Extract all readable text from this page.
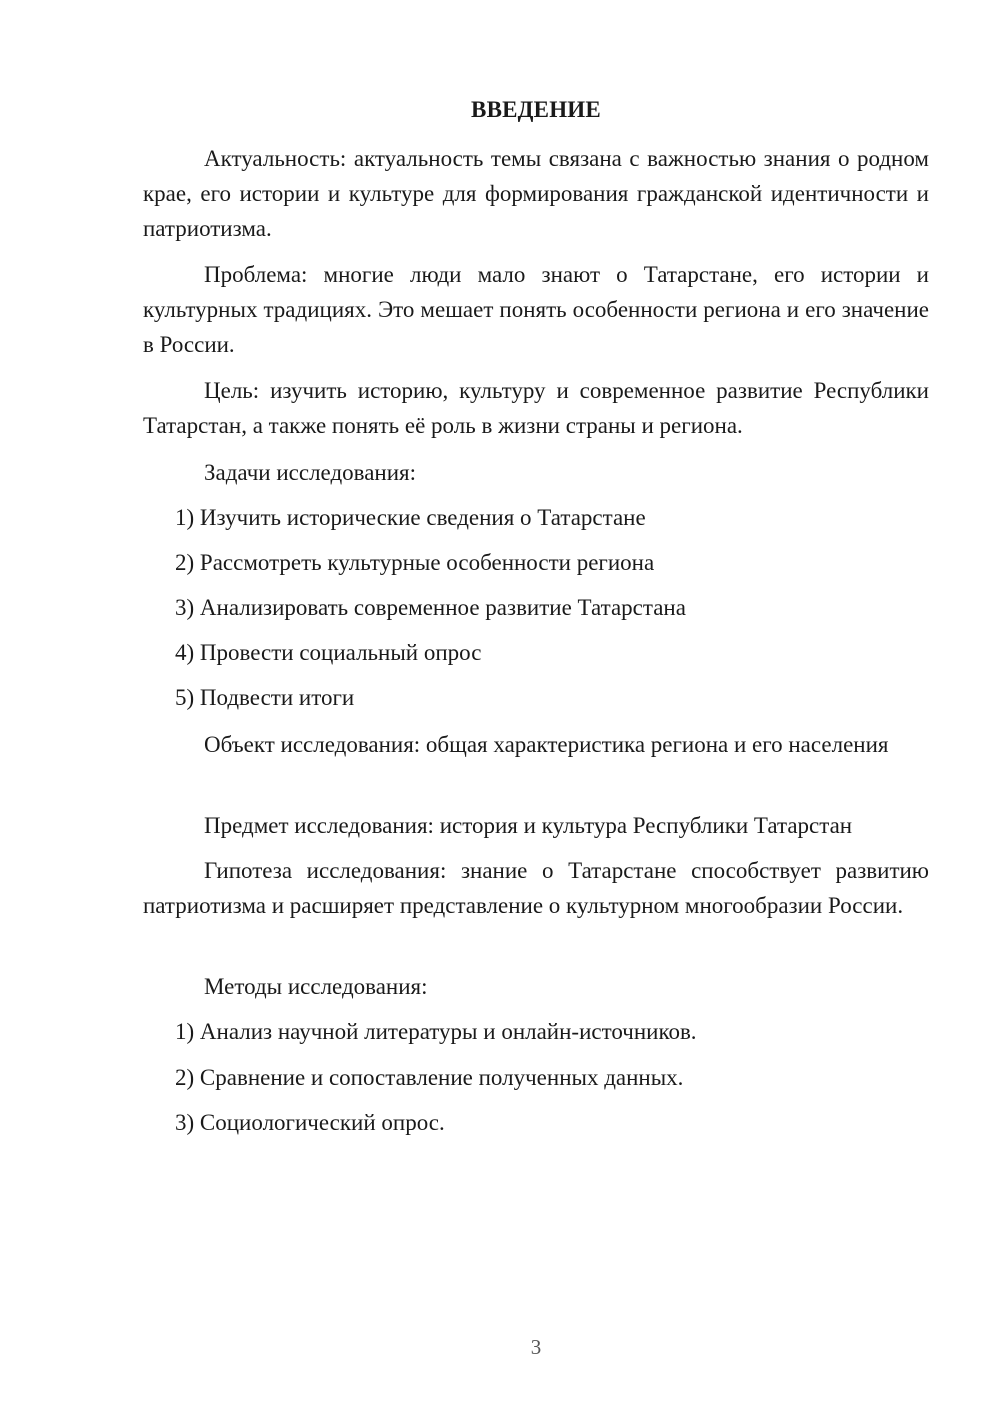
ВВЕДЕНИЕ

Актуальность: актуальность темы связана с важностью знания о родном крае, его истории и культуре для формирования гражданской идентичности и патриотизма.

Проблема: многие люди мало знают о Татарстане, его истории и культурных традициях. Это мешает понять особенности региона и его значение в России.

Цель: изучить историю, культуру и современное развитие Республики Татарстан, а также понять её роль в жизни страны и региона.

Задачи исследования:

1) Изучить исторические сведения о Татарстане

2) Рассмотреть культурные особенности региона

3) Анализировать современное развитие Татарстана

4) Провести социальный опрос

5) Подвести итоги

Объект исследования: общая характеристика региона и его населения

Предмет исследования: история и культура Республики Татарстан

Гипотеза исследования: знание о Татарстане способствует развитию патриотизма и расширяет представление о культурном многообразии России.

Методы исследования:

1) Анализ научной литературы и онлайн-источников.

2) Сравнение и сопоставление полученных данных.

3) Социологический опрос.

3
